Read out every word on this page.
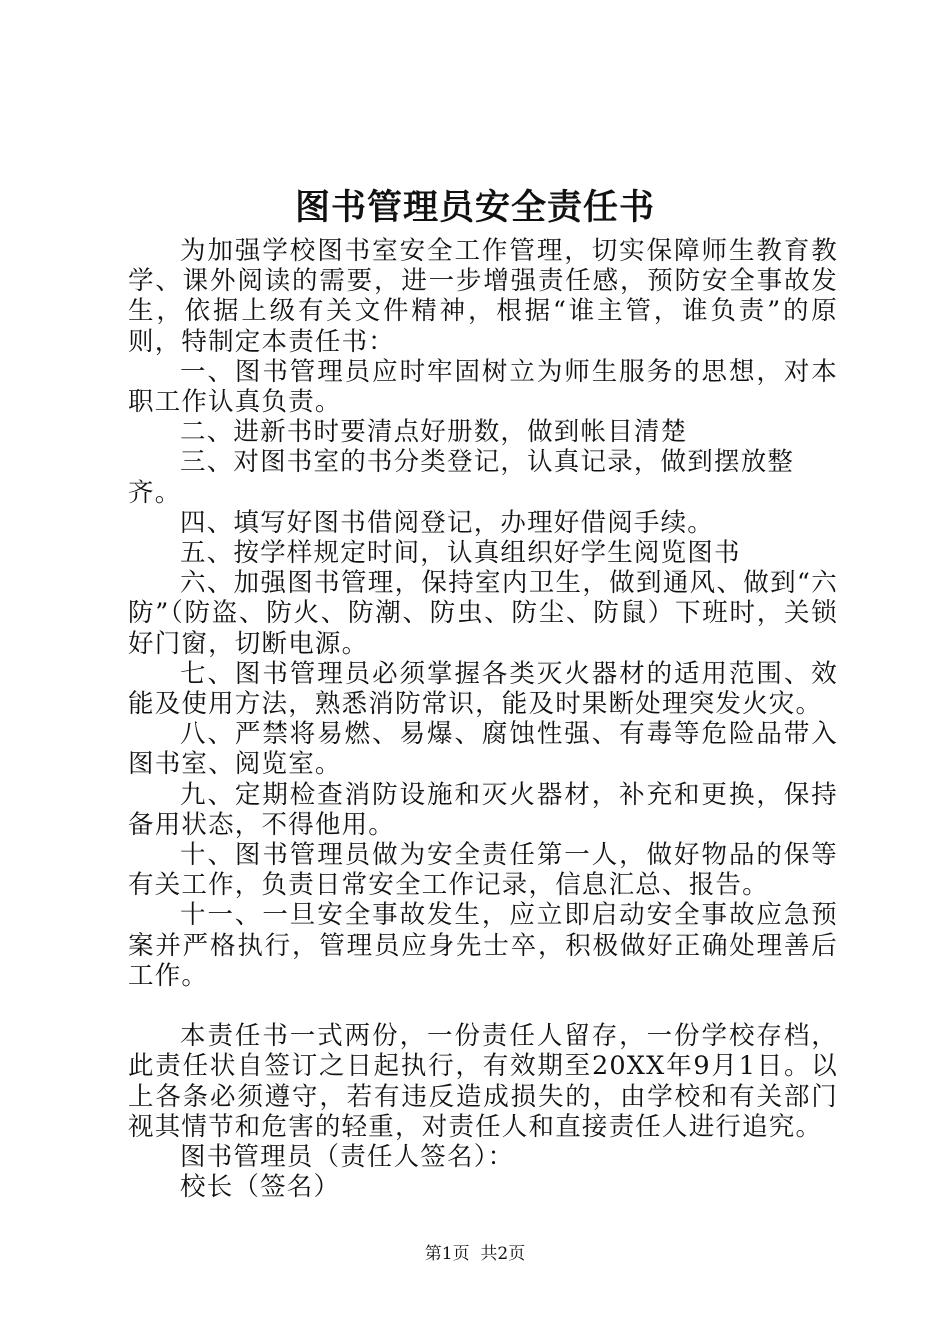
图书管理员安全责任书

为加强学校图书室安全工作管理，切实保障师生教育教学、课外阅读的需要，进一步增强责任感，预防安全事故发生，依据上级有关文件精神，根据“谁主管，谁负责”的原则，特制定本责任书：

一、图书管理员应时牢固树立为师生服务的思想，对本职工作认真负责。

二、进新书时要清点好册数，做到帐目清楚

三、对图书室的书分类登记，认真记录，做到摆放整齐。

四、填写好图书借阅登记，办理好借阅手续。

五、按学样规定时间，认真组织好学生阅览图书

六、加强图书管理，保持室内卫生，做到通风、做到“六防”（防盗、防火、防潮、防虫、防尘、防鼠）下班时，关锁好门窗，切断电源。

七、图书管理员必须掌握各类灭火器材的适用范围、效能及使用方法，熟悉消防常识，能及时果断处理突发火灾。

八、严禁将易燃、易爆、腐蚀性强、有毒等危险品带入图书室、阅览室。

九、定期检查消防设施和灭火器材，补充和更换，保持备用状态，不得他用。

十、图书管理员做为安全责任第一人，做好物品的保等有关工作，负责日常安全工作记录，信息汇总、报告。

十一、一旦安全事故发生，应立即启动安全事故应急预案并严格执行，管理员应身先士卒，积极做好正确处理善后工作。

本责任书一式两份，一份责任人留存，一份学校存档，此责任状自签订之日起执行，有效期至20XX年9月1日。以上各条必须遵守，若有违反造成损失的，由学校和有关部门视其情节和危害的轻重，对责任人和直接责任人进行追究。

图书管理员（责任人签名）：

校长（签名）

第1页  共2页
